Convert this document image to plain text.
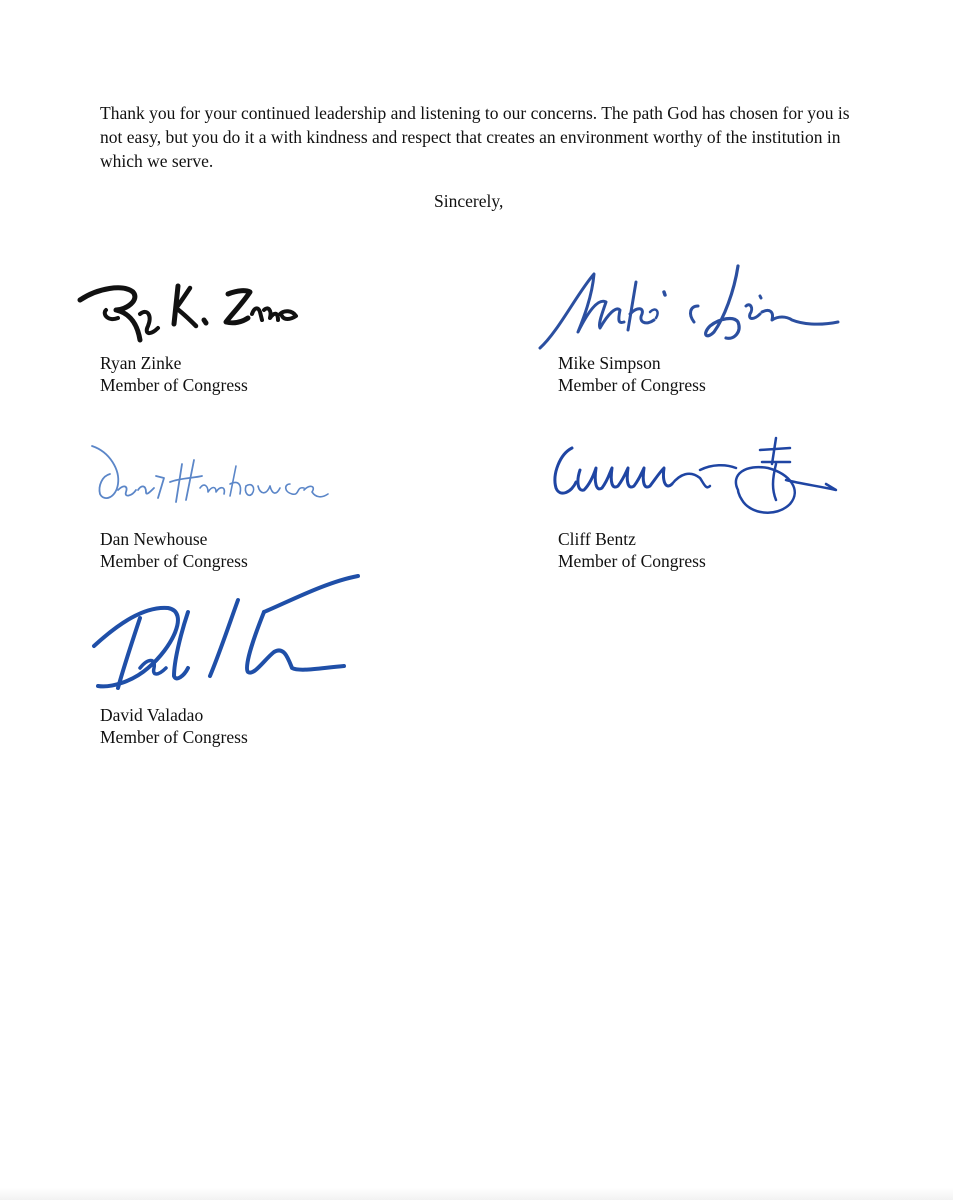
Thank you for your continued leadership and listening to our concerns. The path God has chosen for you is not easy, but you do it a with kindness and respect that creates an environment worthy of the institution in which we serve.

Sincerely,

Ryan Zinke
Member of Congress
Mike Simpson
Member of Congress
Dan Newhouse
Member of Congress
Cliff Bentz
Member of Congress
David Valadao
Member of Congress
